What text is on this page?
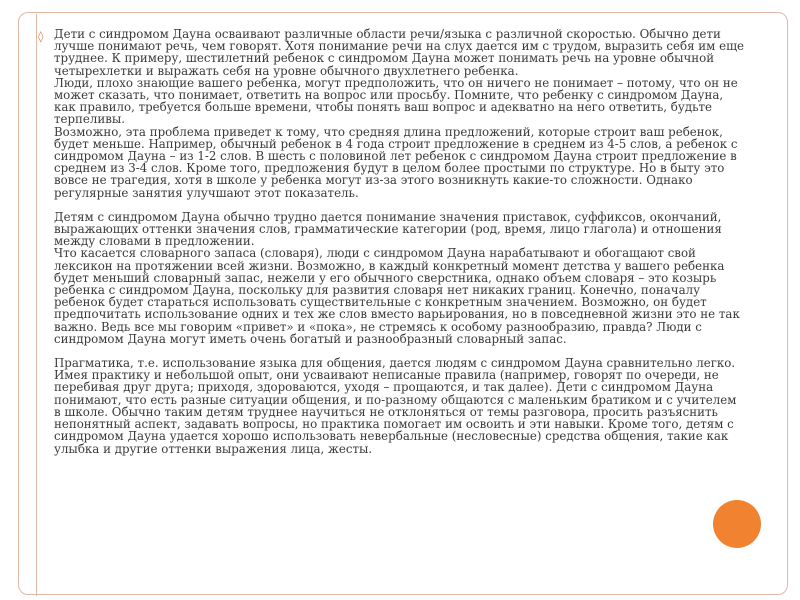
◊ Дети с синдромом Дауна осваивают различные области речи/языка с различной скоростью. Обычно дети лучше понимают речь, чем говорят. Хотя понимание речи на слух дается им с трудом, выразить себя им еще труднее. К примеру, шестилетний ребенок с синдромом Дауна может понимать речь на уровне обычной четырехлетки и выражать себя на уровне обычного двухлетнего ребенка.

Люди, плохо знающие вашего ребенка, могут предположить, что он ничего не понимает – потому, что он не может сказать, что понимает, ответить на вопрос или просьбу. Помните, что ребенку с синдромом Дауна, как правило, требуется больше времени, чтобы понять ваш вопрос и адекватно на него ответить, будьте терпеливы.

Возможно, эта проблема приведет к тому, что средняя длина предложений, которые строит ваш ребенок, будет меньше. Например, обычный ребенок в 4 года строит предложение в среднем из 4-5 слов, а ребенок с синдромом Дауна – из 1-2 слов. В шесть с половиной лет ребенок с синдромом Дауна строит предложение в среднем из 3-4 слов. Кроме того, предложения будут в целом более простыми по структуре. Но в быту это вовсе не трагедия, хотя в школе у ребенка могут из-за этого возникнуть какие-то сложности. Однако регулярные занятия улучшают этот показатель.

Детям с синдромом Дауна обычно трудно дается понимание значения приставок, суффиксов, окончаний, выражающих оттенки значения слов, грамматические категории (род, время, лицо глагола) и отношения между словами в предложении.

Что касается словарного запаса (словаря), люди с синдромом Дауна нарабатывают и обогащают свой лексикон на протяжении всей жизни. Возможно, в каждый конкретный момент детства у вашего ребенка будет меньший словарный запас, нежели у его обычного сверстника, однако объем словаря – это козырь ребенка с синдромом Дауна, поскольку для развития словаря нет никаких границ. Конечно, поначалу ребенок будет стараться использовать существительные с конкретным значением. Возможно, он будет предпочитать использование одних и тех же слов вместо варьирования, но в повседневной жизни это не так важно. Ведь все мы говорим «привет» и «пока», не стремясь к особому разнообразию, правда? Люди с синдромом Дауна могут иметь очень богатый и разнообразный словарный запас.

Прагматика, т.е. использование языка для общения, дается людям с синдромом Дауна сравнительно легко. Имея практику и небольшой опыт, они усваивают неписаные правила (например, говорят по очереди, не перебивая друг друга; приходя, здороваются, уходя – прощаются, и так далее). Дети с синдромом Дауна понимают, что есть разные ситуации общения, и по-разному общаются с маленьким братиком и с учителем в школе. Обычно таким детям труднее научиться не отклоняться от темы разговора, просить разъяснить непонятный аспект, задавать вопросы, но практика помогает им освоить и эти навыки. Кроме того, детям с синдромом Дауна удается хорошо использовать невербальные (несловесные) средства общения, такие как улыбка и другие оттенки выражения лица, жесты.
